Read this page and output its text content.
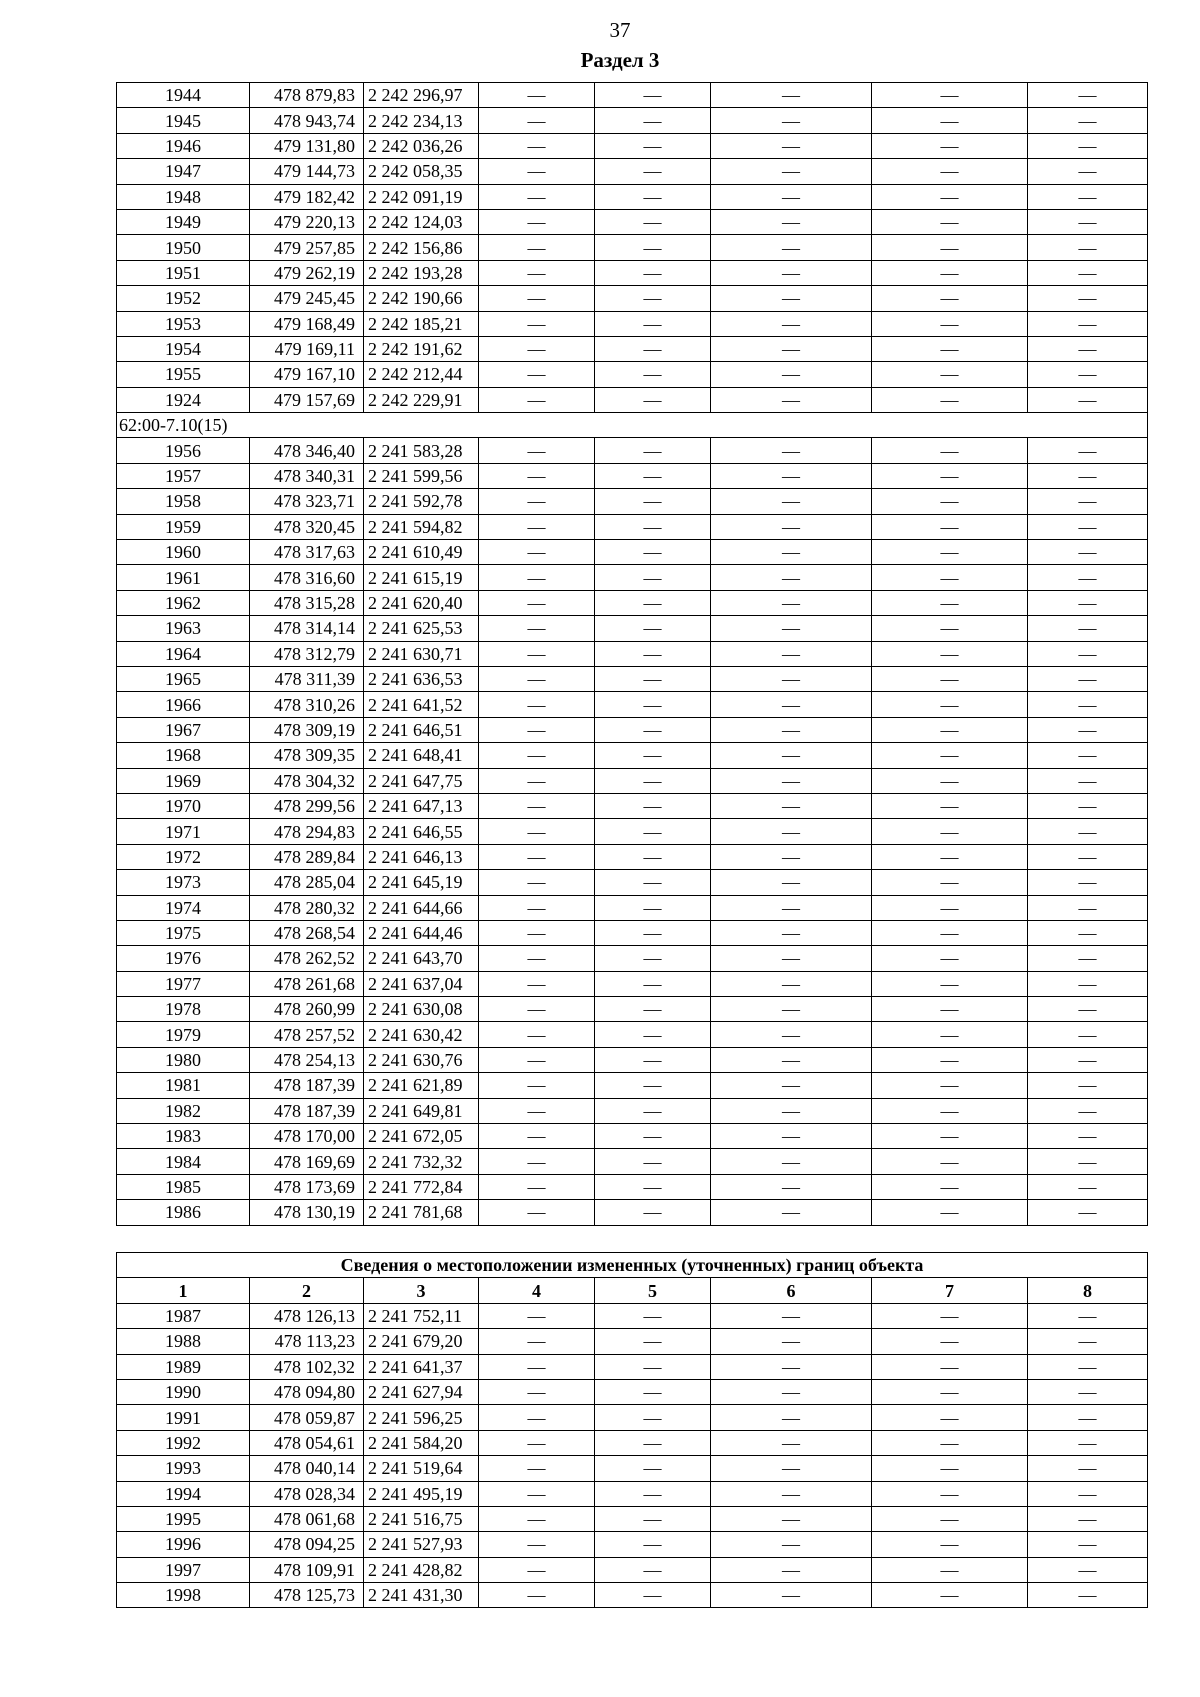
37
Раздел 3
1944	478 879,83	2 242 296,97	—	—	—	—	—
1945	478 943,74	2 242 234,13	—	—	—	—	—
1946	479 131,80	2 242 036,26	—	—	—	—	—
1947	479 144,73	2 242 058,35	—	—	—	—	—
1948	479 182,42	2 242 091,19	—	—	—	—	—
1949	479 220,13	2 242 124,03	—	—	—	—	—
1950	479 257,85	2 242 156,86	—	—	—	—	—
1951	479 262,19	2 242 193,28	—	—	—	—	—
1952	479 245,45	2 242 190,66	—	—	—	—	—
1953	479 168,49	2 242 185,21	—	—	—	—	—
1954	479 169,11	2 242 191,62	—	—	—	—	—
1955	479 167,10	2 242 212,44	—	—	—	—	—
1924	479 157,69	2 242 229,91	—	—	—	—	—
62:00-7.10(15)							
1956	478 346,40	2 241 583,28	—	—	—	—	—
1957	478 340,31	2 241 599,56	—	—	—	—	—
1958	478 323,71	2 241 592,78	—	—	—	—	—
1959	478 320,45	2 241 594,82	—	—	—	—	—
1960	478 317,63	2 241 610,49	—	—	—	—	—
1961	478 316,60	2 241 615,19	—	—	—	—	—
1962	478 315,28	2 241 620,40	—	—	—	—	—
1963	478 314,14	2 241 625,53	—	—	—	—	—
1964	478 312,79	2 241 630,71	—	—	—	—	—
1965	478 311,39	2 241 636,53	—	—	—	—	—
1966	478 310,26	2 241 641,52	—	—	—	—	—
1967	478 309,19	2 241 646,51	—	—	—	—	—
1968	478 309,35	2 241 648,41	—	—	—	—	—
1969	478 304,32	2 241 647,75	—	—	—	—	—
1970	478 299,56	2 241 647,13	—	—	—	—	—
1971	478 294,83	2 241 646,55	—	—	—	—	—
1972	478 289,84	2 241 646,13	—	—	—	—	—
1973	478 285,04	2 241 645,19	—	—	—	—	—
1974	478 280,32	2 241 644,66	—	—	—	—	—
1975	478 268,54	2 241 644,46	—	—	—	—	—
1976	478 262,52	2 241 643,70	—	—	—	—	—
1977	478 261,68	2 241 637,04	—	—	—	—	—
1978	478 260,99	2 241 630,08	—	—	—	—	—
1979	478 257,52	2 241 630,42	—	—	—	—	—
1980	478 254,13	2 241 630,76	—	—	—	—	—
1981	478 187,39	2 241 621,89	—	—	—	—	—
1982	478 187,39	2 241 649,81	—	—	—	—	—
1983	478 170,00	2 241 672,05	—	—	—	—	—
1984	478 169,69	2 241 732,32	—	—	—	—	—
1985	478 173,69	2 241 772,84	—	—	—	—	—
1986	478 130,19	2 241 781,68	—	—	—	—	—
Сведения о местоположении измененных (уточненных) границ объекта							
1	2	3	4	5	6	7	8
1987	478 126,13	2 241 752,11	—	—	—	—	—
1988	478 113,23	2 241 679,20	—	—	—	—	—
1989	478 102,32	2 241 641,37	—	—	—	—	—
1990	478 094,80	2 241 627,94	—	—	—	—	—
1991	478 059,87	2 241 596,25	—	—	—	—	—
1992	478 054,61	2 241 584,20	—	—	—	—	—
1993	478 040,14	2 241 519,64	—	—	—	—	—
1994	478 028,34	2 241 495,19	—	—	—	—	—
1995	478 061,68	2 241 516,75	—	—	—	—	—
1996	478 094,25	2 241 527,93	—	—	—	—	—
1997	478 109,91	2 241 428,82	—	—	—	—	—
1998	478 125,73	2 241 431,30	—	—	—	—	—
